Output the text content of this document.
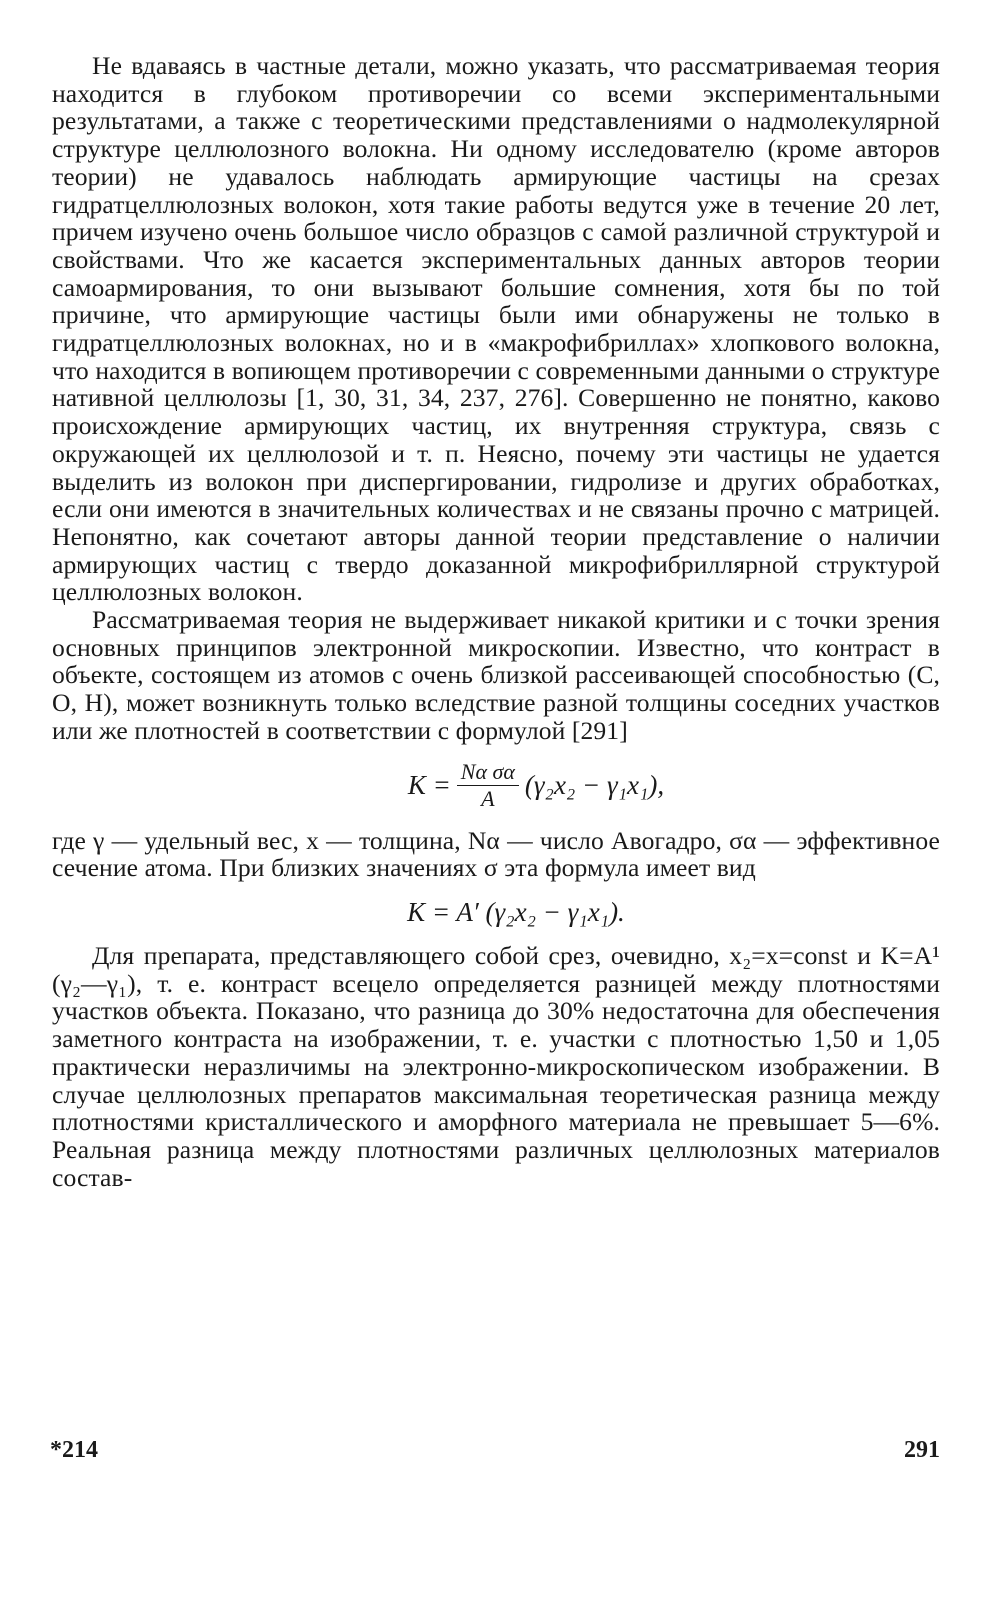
Не вдаваясь в частные детали, можно указать, что рассматриваемая теория находится в глубоком противоречии со всеми экспериментальными результатами, а также с теоретическими представлениями о надмолекулярной структуре целлюлозного волокна. Ни одному исследователю (кроме авторов теории) не удавалось наблюдать армирующие частицы на срезах гидратцеллюлозных волокон, хотя такие работы ведутся уже в течение 20 лет, причем изучено очень большое число образцов с самой различной структурой и свойствами. Что же касается экспериментальных данных авторов теории самоармирования, то они вызывают большие сомнения, хотя бы по той причине, что армирующие частицы были ими обнаружены не только в гидратцеллюлозных волокнах, но и в «макрофибриллах» хлопкового волокна, что находится в вопиющем противоречии с современными данными о структуре нативной целлюлозы [1, 30, 31, 34, 237, 276]. Совершенно не понятно, каково происхождение армирующих частиц, их внутренняя структура, связь с окружающей их целлюлозой и т. п. Неясно, почему эти частицы не удается выделить из волокон при диспергировании, гидролизе и других обработках, если они имеются в значительных количествах и не связаны прочно с матрицей. Непонятно, как сочетают авторы данной теории представление о наличии армирующих частиц с твердо доказанной микрофибриллярной структурой целлюлозных волокон.

Рассматриваемая теория не выдерживает никакой критики и с точки зрения основных принципов электронной микроскопии. Известно, что контраст в объекте, состоящем из атомов с очень близкой рассеивающей способностью (С, О, Н), может возникнуть только вследствие разной толщины соседних участков или же плотностей в соответствии с формулой [291]

$K = \frac{\text{Nα σα}}{A} (\gamma_2x_2 - \gamma_1x_1)$,

где γ — удельный вес, x — толщина, Nα — число Авогадро, σα — эффективное сечение атома. При близких значениях σ эта формула имеет вид

K = A′ (γ₂x₂ − γ₁x₁).

Для препарата, представляющего собой срез, очевидно, x₂=x=const и K=A¹ (γ₂—γ₁), т. е. контраст всецело определяется разницей между плотностями участков объекта. Показано, что разница до 30% недостаточна для обеспечения заметного контраста на изображении, т. е. участки с плотностью 1,50 и 1,05 практически неразличимы на электронно-микроскопическом изображении. В случае целлюлозных препаратов максимальная теоретическая разница между плотностями кристаллического и аморфного материала не превышает 5—6%. Реальная разница между плотностями различных целлюлозных материалов состав-

*214	291
